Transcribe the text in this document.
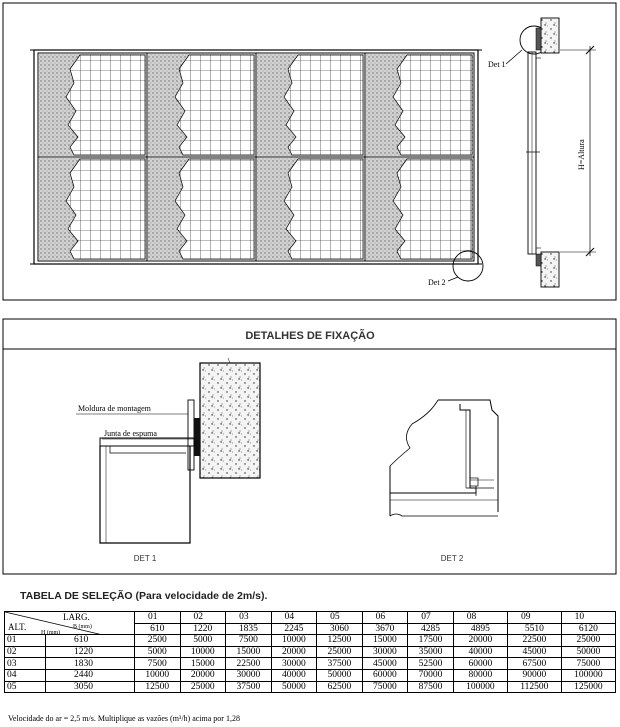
Det 1
Det 2
H=Altura
DETALHES DE FIXAÇÃO
Moldura de montagem
Junta de espuma
DET 1	DET 2
TABELA DE SELEÇÃO (Para velocidade de 2m/s).
LARG.
B (mm)
ALT.
H (mm)		01	02	03	04	05	06	07	08	09	10
		610	1220	1835	2245	3060	3670	4285	4895	5510	6120
01	610	2500	5000	7500	10000	12500	15000	17500	20000	22500	25000
02	1220	5000	10000	15000	20000	25000	30000	35000	40000	45000	50000
03	1830	7500	15000	22500	30000	37500	45000	52500	60000	67500	75000
04	2440	10000	20000	30000	40000	50000	60000	70000	80000	90000	100000
05	3050	12500	25000	37500	50000	62500	75000	87500	100000	112500	125000
Velocidade do ar = 2,5 m/s. Multiplique as vazões (m³/h) acima por 1,28
